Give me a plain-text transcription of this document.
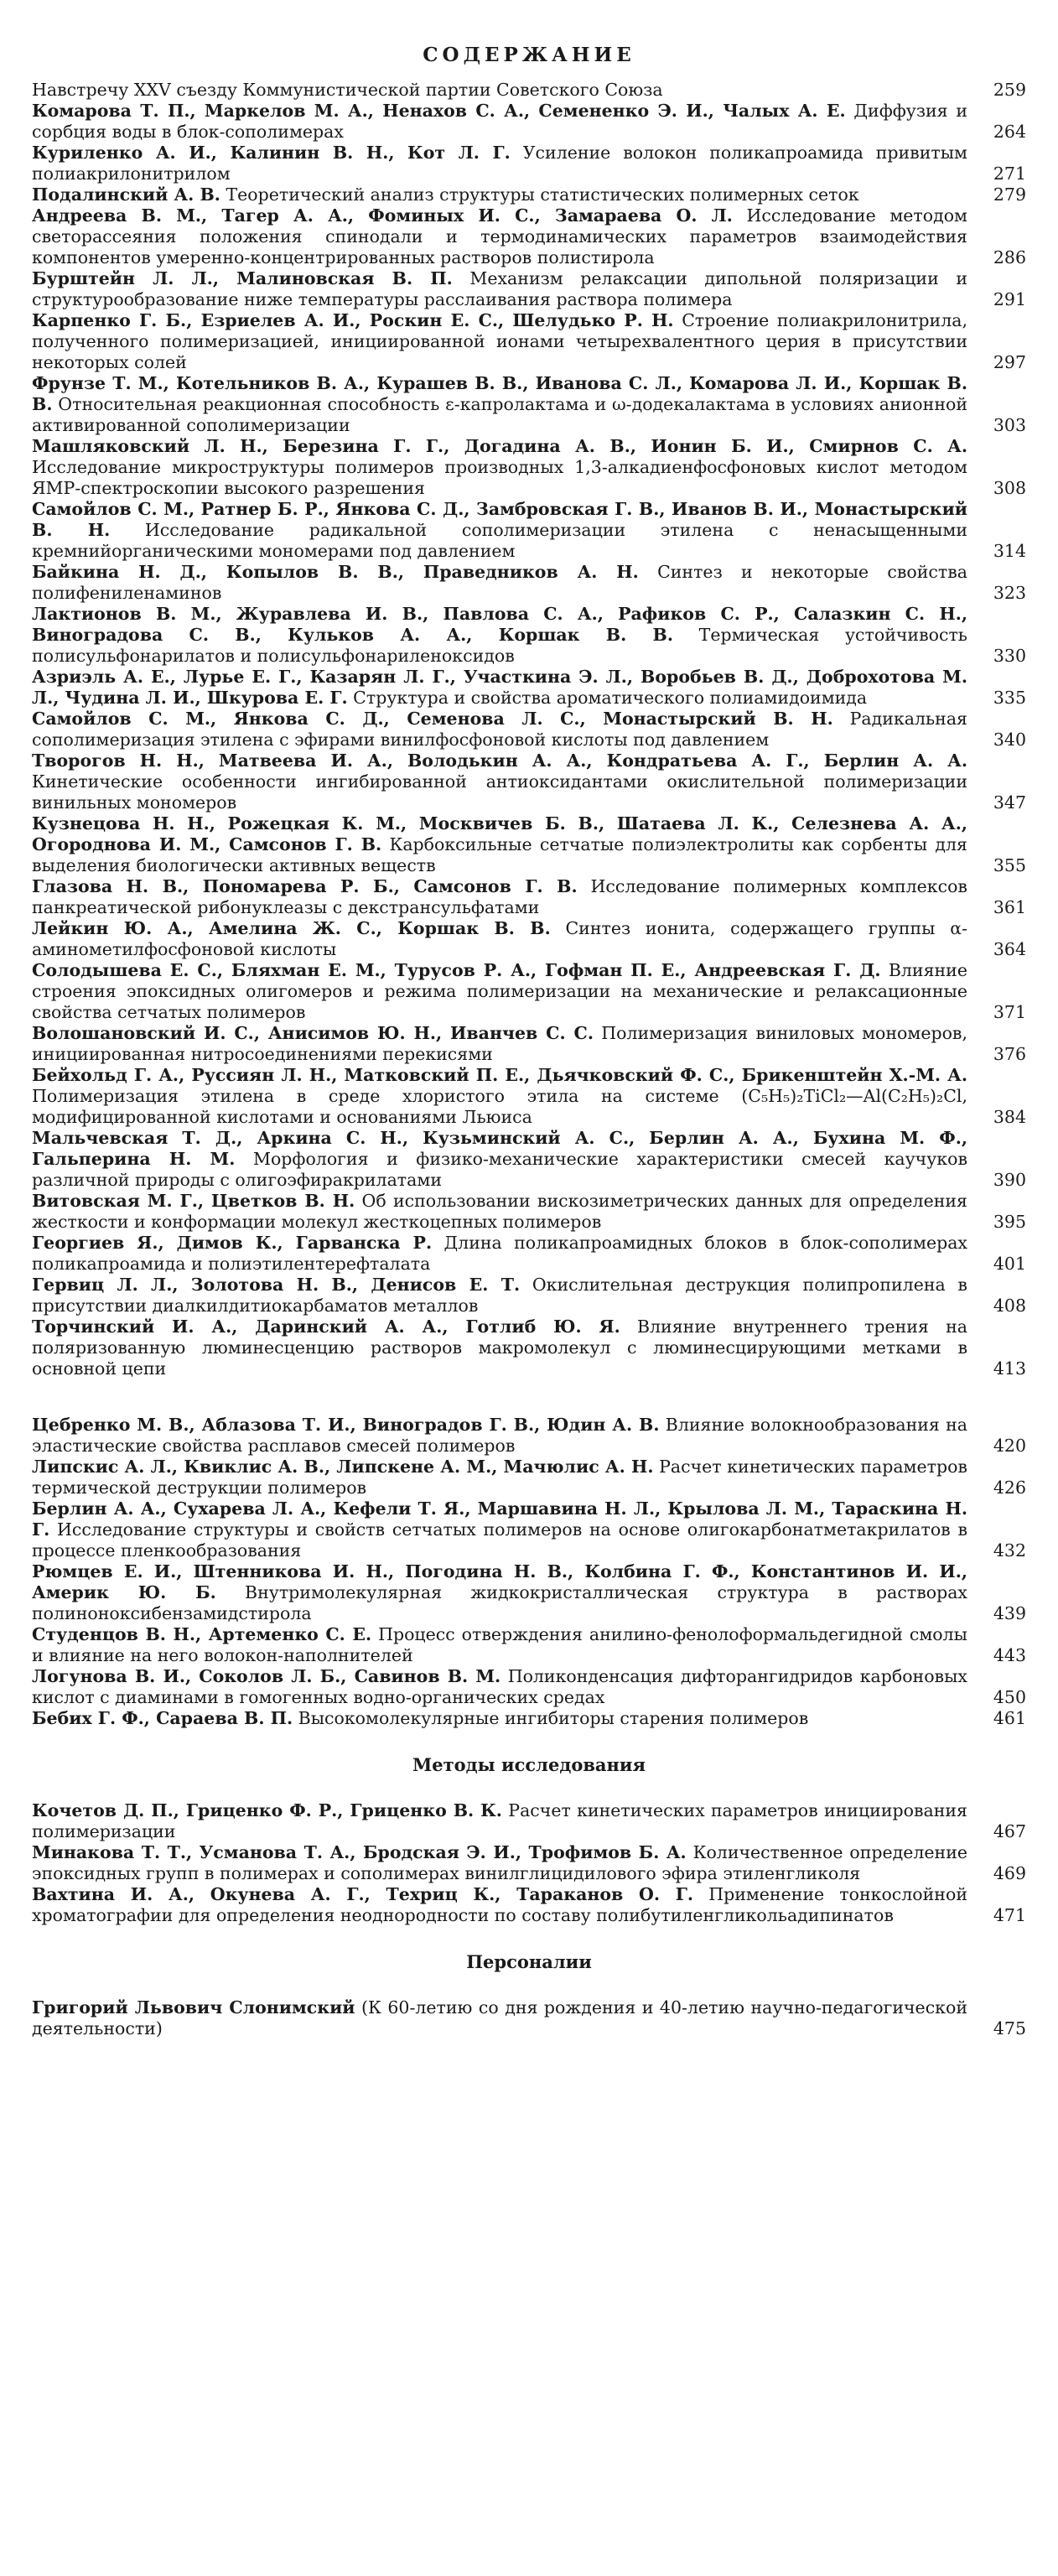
СОДЕРЖАНИЕ
Навстречу XXV съезду Коммунистической партии Советского Союза	259
Комарова Т. П., Маркелов М. А., Ненахов С. А., Семененко Э. И., Чалых А. Е. Диффузия и сорбция воды в блок-сополимерах	264
Куриленко А. И., Калинин В. Н., Кот Л. Г. Усиление волокон поликапроамида привитым полиакрилонитрилом	271
Подалинский А. В. Теоретический анализ структуры статистических полимерных сеток	279
Андреева В. М., Тагер А. А., Фоминых И. С., Замараева О. Л. Исследование методом светорассеяния положения спинодали и термодинамических параметров взаимодействия компонентов умеренно-концентрированных растворов полистирола	286
Бурштейн Л. Л., Малиновская В. П. Механизм релаксации дипольной поляризации и структурообразование ниже температуры расслаивания раствора полимера	291
Карпенко Г. Б., Езриелев А. И., Роскин Е. С., Шелудько Р. Н. Строение полиакрилонитрила, полученного полимеризацией, инициированной ионами четырехвалентного церия в присутствии некоторых солей	297
Фрунзе Т. М., Котельников В. А., Курашев В. В., Иванова С. Л., Комарова Л. И., Коршак В. В. Относительная реакционная способность ε-капролактама и ω-додекалактама в условиях анионной активированной сополимеризации	303
Машляковский Л. Н., Березина Г. Г., Догадина А. В., Ионин Б. И., Смирнов С. А. Исследование микроструктуры полимеров производных 1,3-алкадиенфосфоновых кислот методом ЯМР-спектроскопии высокого разрешения	308
Самойлов С. М., Ратнер Б. Р., Янкова С. Д., Замбровская Г. В., Иванов В. И., Монастырский В. Н. Исследование радикальной сополимеризации этилена с ненасыщенными кремнийорганическими мономерами под давлением	314
Байкина Н. Д., Копылов В. В., Праведников А. Н. Синтез и некоторые свойства полифениленаминов	323
Лактионов В. М., Журавлева И. В., Павлова С. А., Рафиков С. Р., Салазкин С. Н., Виноградова С. В., Кульков А. А., Коршак В. В. Термическая устойчивость полисульфонарилатов и полисульфонариленоксидов	330
Азриэль А. Е., Лурье Е. Г., Казарян Л. Г., Участкина Э. Л., Воробьев В. Д., Доброхотова М. Л., Чудина Л. И., Шкурова Е. Г. Структура и свойства ароматического полиамидоимида	335
Самойлов С. М., Янкова С. Д., Семенова Л. С., Монастырский В. Н. Радикальная сополимеризация этилена с эфирами винилфосфоновой кислоты под давлением	340
Творогов Н. Н., Матвеева И. А., Володькин А. А., Кондратьева А. Г., Берлин А. А. Кинетические особенности ингибированной антиоксидантами окислительной полимеризации винильных мономеров	347
Кузнецова Н. Н., Рожецкая К. М., Москвичев Б. В., Шатаева Л. К., Селезнева А. А., Огороднова И. М., Самсонов Г. В. Карбоксильные сетчатые полиэлектролиты как сорбенты для выделения биологически активных веществ	355
Глазова Н. В., Пономарева Р. Б., Самсонов Г. В. Исследование полимерных комплексов панкреатической рибонуклеазы с декстрансульфатами	361
Лейкин Ю. А., Амелина Ж. С., Коршак В. В. Синтез ионита, содержащего группы α-аминометилфосфоновой кислоты	364
Солодышева Е. С., Бляхман Е. М., Турусов Р. А., Гофман П. Е., Андреевская Г. Д. Влияние строения эпоксидных олигомеров и режима полимеризации на механические и релаксационные свойства сетчатых полимеров	371
Волошановский И. С., Анисимов Ю. Н., Иванчев С. С. Полимеризация виниловых мономеров, инициированная нитросоединениями перекисями	376
Бейхольд Г. А., Руссиян Л. Н., Матковский П. Е., Дьячковский Ф. С., Брикенштейн Х.-М. А. Полимеризация этилена в среде хлористого этила на системе (C₅H₅)₂TiCl₂—Al(C₂H₅)₂Cl, модифицированной кислотами и основаниями Льюиса	384
Мальчевская Т. Д., Аркина С. Н., Кузьминский А. С., Берлин А. А., Бухина М. Ф., Гальперина Н. М. Морфология и физико-механические характеристики смесей каучуков различной природы с олигоэфиракрилатами	390
Витовская М. Г., Цветков В. Н. Об использовании вискозиметрических данных для определения жесткости и конформации молекул жесткоцепных полимеров	395
Георгиев Я., Димов К., Гарванска Р. Длина поликапроамидных блоков в блок-сополимерах поликапроамида и полиэтилентерефталата	401
Гервиц Л. Л., Золотова Н. В., Денисов Е. Т. Окислительная деструкция полипропилена в присутствии диалкилдитиокарбаматов металлов	408
Торчинский И. А., Даринский А. А., Готлиб Ю. Я. Влияние внутреннего трения на поляризованную люминесценцию растворов макромолекул с люминесцирующими метками в основной цепи	413
Цебренко М. В., Аблазова Т. И., Виноградов Г. В., Юдин А. В. Влияние волокнообразования на эластические свойства расплавов смесей полимеров	420
Липскис А. Л., Квиклис А. В., Липскене А. М., Мачюлис А. Н. Расчет кинетических параметров термической деструкции полимеров	426
Берлин А. А., Сухарева Л. А., Кефели Т. Я., Маршавина Н. Л., Крылова Л. М., Тараскина Н. Г. Исследование структуры и свойств сетчатых полимеров на основе олигокарбонатметакрилатов в процессе пленкообразования	432
Рюмцев Е. И., Штенникова И. Н., Погодина Н. В., Колбина Г. Ф., Константинов И. И., Америк Ю. Б. Внутримолекулярная жидкокристаллическая структура в растворах полиноноксибензамидстирола	439
Студенцов В. Н., Артеменко С. Е. Процесс отверждения анилино-фенолоформальдегидной смолы и влияние на него волокон-наполнителей	443
Логунова В. И., Соколов Л. Б., Савинов В. М. Поликонденсация дифторангидридов карбоновых кислот с диаминами в гомогенных водно-органических средах	450
Бебих Г. Ф., Сараева В. П. Высокомолекулярные ингибиторы старения полимеров	461
Методы исследования
Кочетов Д. П., Гриценко Ф. Р., Гриценко В. К. Расчет кинетических параметров инициирования полимеризации	467
Минакова Т. Т., Усманова Т. А., Бродская Э. И., Трофимов Б. А. Количественное определение эпоксидных групп в полимерах и сополимерах винилглицидилового эфира этиленгликоля	469
Вахтина И. А., Окунева А. Г., Техриц К., Тараканов О. Г. Применение тонкослойной хроматографии для определения неоднородности по составу полибутиленгликольадипинатов	471
Персоналии
Григорий Львович Слонимский (К 60-летию со дня рождения и 40-летию научно-педагогической деятельности)	475
